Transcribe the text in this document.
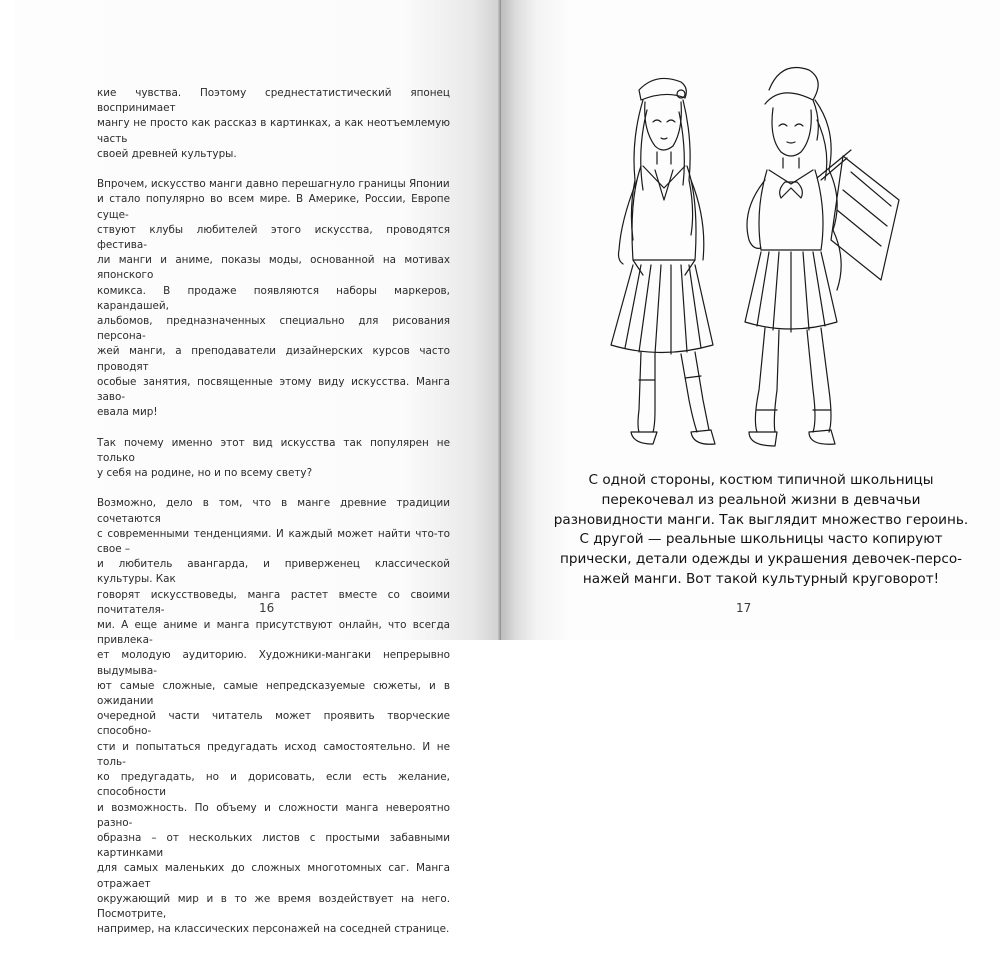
кие чувства. Поэтому среднестатистический японец воспринимает
мангу не просто как рассказ в картинках, а как неотъемлемую часть
своей древней культуры.

Впрочем, искусство манги давно перешагнуло границы Японии
и стало популярно во всем мире. В Америке, России, Европе суще-
ствуют клубы любителей этого искусства, проводятся фестива-
ли манги и аниме, показы моды, основанной на мотивах японского
комикса. В продаже появляются наборы маркеров, карандашей,
альбомов, предназначенных специально для рисования персона-
жей манги, а преподаватели дизайнерских курсов часто проводят
особые занятия, посвященные этому виду искусства. Манга заво-
евала мир!

Так почему именно этот вид искусства так популярен не только
у себя на родине, но и по всему свету?

Возможно, дело в том, что в манге древние традиции сочетаются
с современными тенденциями. И каждый может найти что-то свое –
и любитель авангарда, и приверженец классической культуры. Как
говорят искусствоведы, манга растет вместе со своими почитателя-
ми. А еще аниме и манга присутствуют онлайн, что всегда привлека-
ет молодую аудиторию. Художники-мангаки непрерывно выдумыва-
ют самые сложные, самые непредсказуемые сюжеты, и в ожидании
очередной части читатель может проявить творческие способно-
сти и попытаться предугадать исход самостоятельно. И не толь-
ко предугадать, но и дорисовать, если есть желание, способности
и возможность. По объему и сложности манга невероятно разно-
образна – от нескольких листов с простыми забавными картинками
для самых маленьких до сложных многотомных саг. Манга отражает
окружающий мир и в то же время воздействует на него. Посмотрите,
например, на классических персонажей на соседней странице.

16
С одной стороны, костюм типичной школьницы
перекочевал из реальной жизни в девчачьи
разновидности манги. Так выглядит множество героинь.
С другой — реальные школьницы часто копируют
прически, детали одежды и украшения девочек-персо-
нажей манги. Вот такой культурный круговорот!
17
